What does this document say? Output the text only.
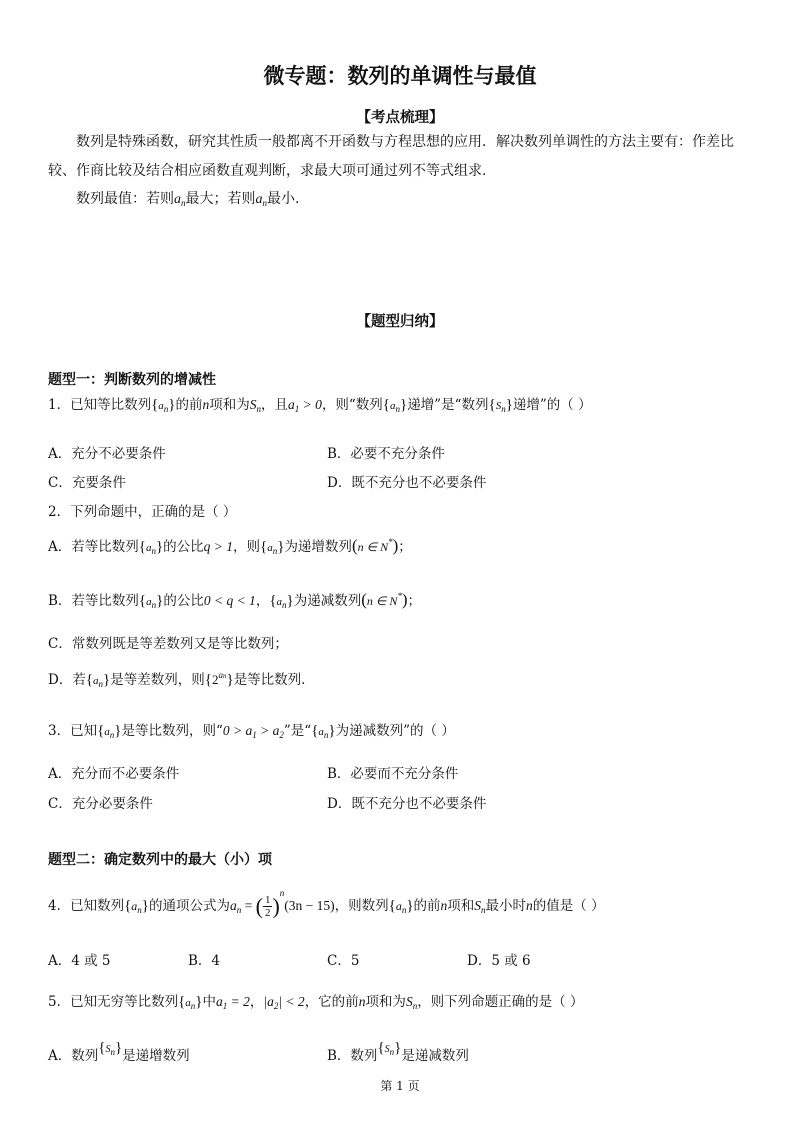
微专题：数列的单调性与最值
【考点梳理】
数列是特殊函数，研究其性质一般都离不开函数与方程思想的应用．解决数列单调性的方法主要有：作差比
较、作商比较及结合相应函数直观判断，求最大项可通过列不等式组求.
数列最值：若则$a_n$最大；若则$a_n$最小.
【题型归纳】
题型一：判断数列的增减性
1．已知等比数列$\{a_n\}$的前n项和为$S_n$，且$a_1 > 0$，则“数列$\{a_n\}$递增”是“数列$\{S_n\}$递增”的（ ）
A．充分不必要条件	B．必要不充分条件
C．充要条件	D．既不充分也不必要条件
2．下列命题中，正确的是（ ）
A．若等比数列$\{a_n\}$的公比q > 1，则$\{a_n\}$为递增数列(n ∈ N*)；
B．若等比数列$\{a_n\}$的公比0 < q < 1，$\{a_n\}$为递减数列(n ∈ N*)；
C．常数列既是等差数列又是等比数列；
D．若$\{a_n\}$是等差数列，则$\{2^{an}\}$是等比数列.
3．已知$\{a_n\}$是等比数列，则“$0 > a_1 > a_2$”是“$\{a_n\}$为递减数列”的（ ）
A．充分而不必要条件	B．必要而不充分条件
C．充分必要条件	D．既不充分也不必要条件
题型二：确定数列中的最大（小）项
4．已知数列$\{a_n\}$的通项公式为$a_n$ = ( $\frac{1}{2} )^n(3n - 15)$，则数列$\{a_n\}$的前n项和$S_n$最小时n的值是（ ）
A．4 或 5	B．4	C．5	D．5 或 6
5．已知无穷等比数列$\{a_n\}$中$a_1 = 2$，$|a_2| < 2$，它的前n项和为$S_n$，则下列命题正确的是（ ）
A．数列{Sn}是递增数列	B．数列{Sn}是递减数列
第 1 页
